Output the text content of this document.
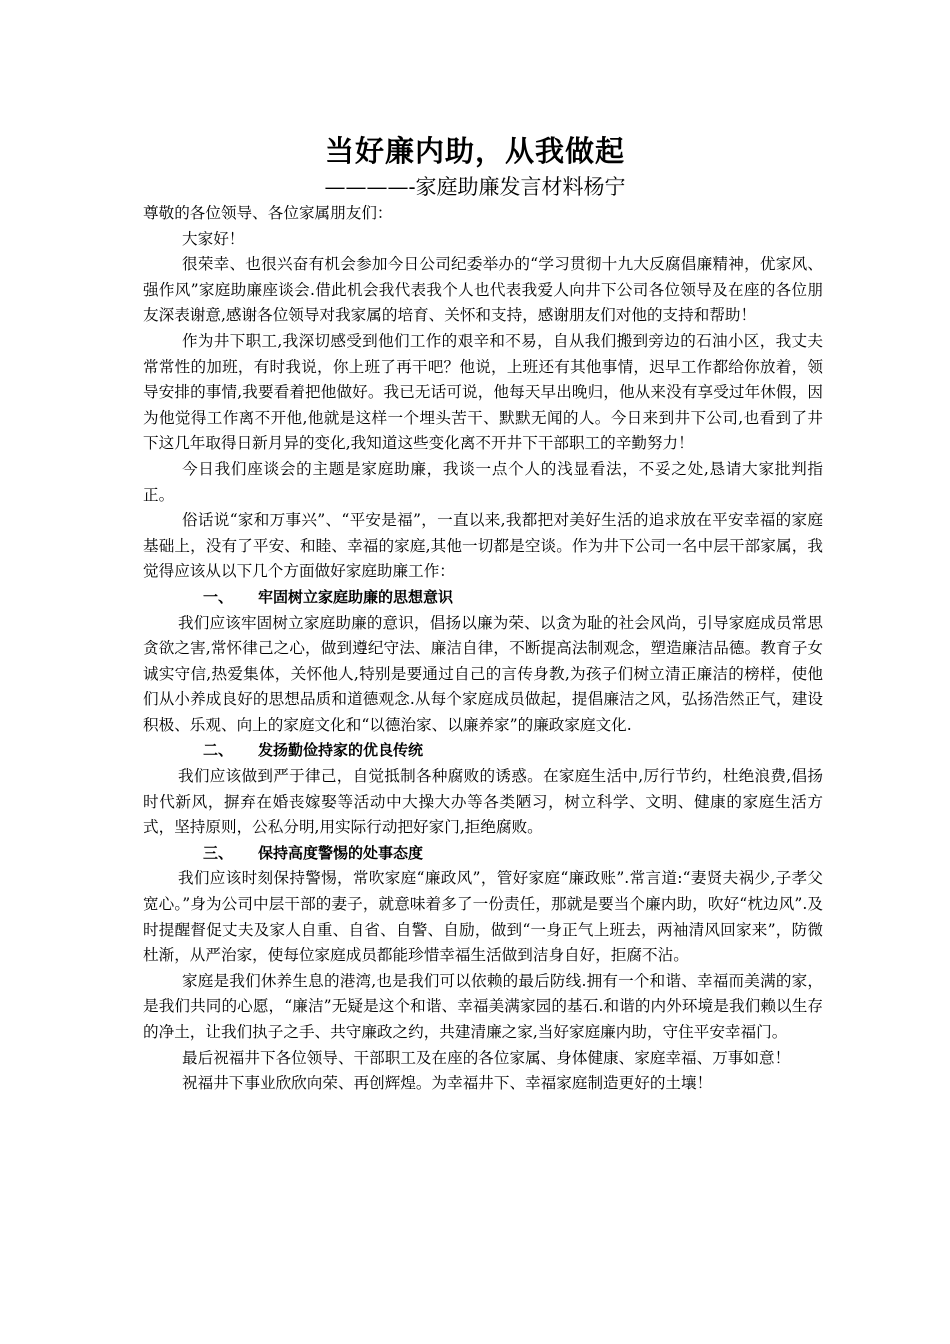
当好廉内助，从我做起
————-家庭助廉发言材料杨宁

尊敬的各位领导、各位家属朋友们：

大家好！

很荣幸、也很兴奋有机会参加今日公司纪委举办的“学习贯彻十九大反腐倡廉精神，优家风、强作风”家庭助廉座谈会.借此机会我代表我个人也代表我爱人向井下公司各位领导及在座的各位朋友深表谢意,感谢各位领导对我家属的培育、关怀和支持，感谢朋友们对他的支持和帮助！

作为井下职工,我深切感受到他们工作的艰辛和不易，自从我们搬到旁边的石油小区，我丈夫常常性的加班，有时我说，你上班了再干吧？他说，上班还有其他事情，迟早工作都给你放着，领导安排的事情,我要看着把他做好。我已无话可说，他每天早出晚归，他从来没有享受过年休假，因为他觉得工作离不开他,他就是这样一个埋头苦干、默默无闻的人。今日来到井下公司,也看到了井下这几年取得日新月异的变化,我知道这些变化离不开井下干部职工的辛勤努力！

今日我们座谈会的主题是家庭助廉，我谈一点个人的浅显看法，不妥之处,恳请大家批判指正。

俗话说“家和万事兴”、“平安是福”，一直以来,我都把对美好生活的追求放在平安幸福的家庭基础上，没有了平安、和睦、幸福的家庭,其他一切都是空谈。作为井下公司一名中层干部家属，我觉得应该从以下几个方面做好家庭助廉工作：

一、 牢固树立家庭助廉的思想意识

我们应该牢固树立家庭助廉的意识，倡扬以廉为荣、以贪为耻的社会风尚，引导家庭成员常思贪欲之害,常怀律己之心，做到遵纪守法、廉洁自律，不断提高法制观念，塑造廉洁品德。教育子女诚实守信,热爱集体，关怀他人,特别是要通过自己的言传身教,为孩子们树立清正廉洁的榜样，使他们从小养成良好的思想品质和道德观念.从每个家庭成员做起，提倡廉洁之风，弘扬浩然正气，建设积极、乐观、向上的家庭文化和“以德治家、以廉养家”的廉政家庭文化.

二、 发扬勤俭持家的优良传统

我们应该做到严于律己，自觉抵制各种腐败的诱惑。在家庭生活中,厉行节约，杜绝浪费,倡扬时代新风，摒弃在婚丧嫁娶等活动中大操大办等各类陋习，树立科学、文明、健康的家庭生活方式，坚持原则，公私分明,用实际行动把好家门,拒绝腐败。

三、 保持高度警惕的处事态度

我们应该时刻保持警惕，常吹家庭“廉政风”，管好家庭“廉政账”.常言道:“妻贤夫祸少,子孝父宽心。”身为公司中层干部的妻子，就意味着多了一份责任，那就是要当个廉内助，吹好“枕边风”.及时提醒督促丈夫及家人自重、自省、自警、自励，做到“一身正气上班去，两袖清风回家来”，防微杜渐，从严治家，使每位家庭成员都能珍惜幸福生活做到洁身自好，拒腐不沾。

家庭是我们休养生息的港湾,也是我们可以依赖的最后防线.拥有一个和谐、幸福而美满的家，是我们共同的心愿，“廉洁”无疑是这个和谐、幸福美满家园的基石.和谐的内外环境是我们赖以生存的净土，让我们执子之手、共守廉政之约，共建清廉之家,当好家庭廉内助，守住平安幸福门。

最后祝福井下各位领导、干部职工及在座的各位家属、身体健康、家庭幸福、万事如意！

祝福井下事业欣欣向荣、再创辉煌。为幸福井下、幸福家庭制造更好的土壤！
